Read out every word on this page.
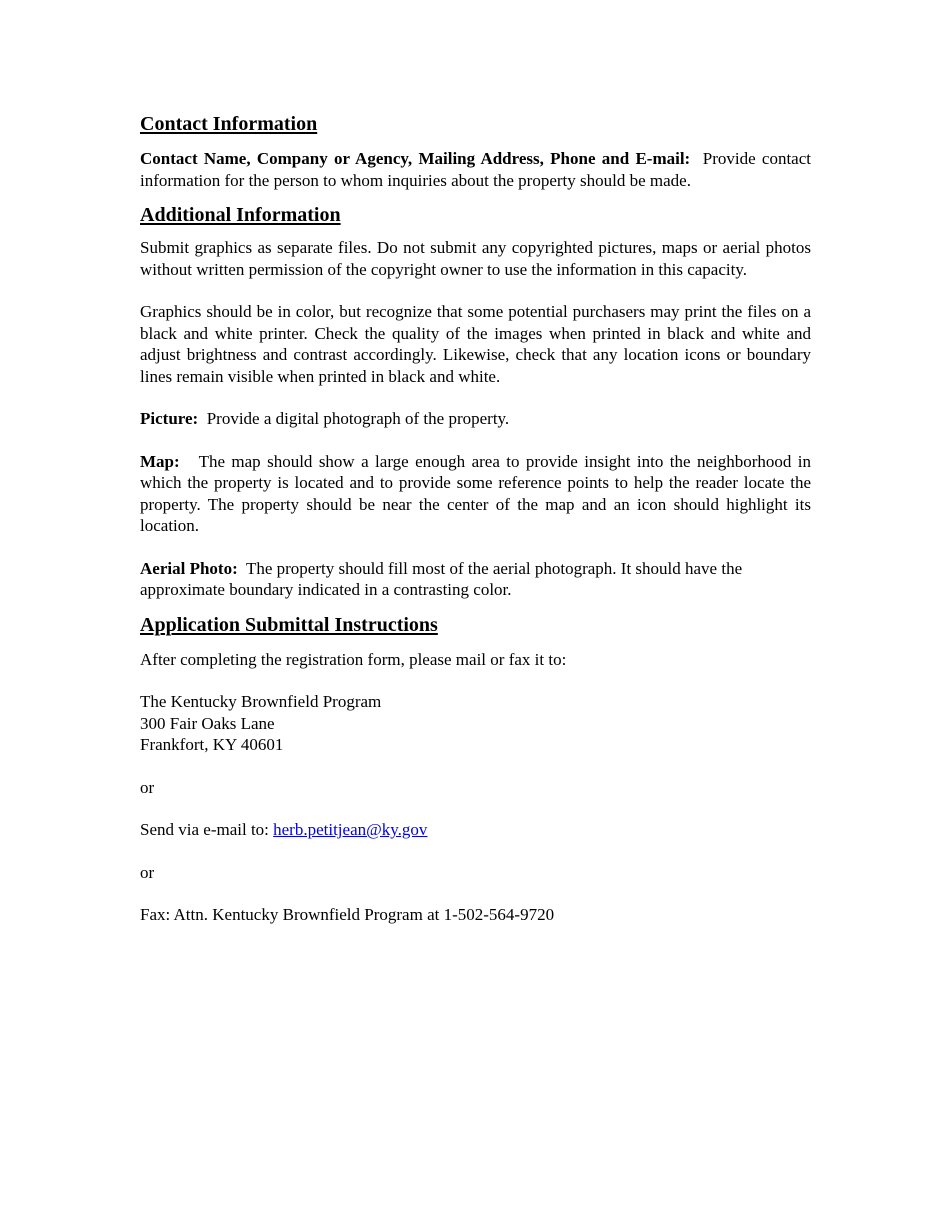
Contact Information

Contact Name, Company or Agency, Mailing Address, Phone and E-mail: Provide contact information for the person to whom inquiries about the property should be made.

Additional Information

Submit graphics as separate files. Do not submit any copyrighted pictures, maps or aerial photos without written permission of the copyright owner to use the information in this capacity.

Graphics should be in color, but recognize that some potential purchasers may print the files on a black and white printer. Check the quality of the images when printed in black and white and adjust brightness and contrast accordingly. Likewise, check that any location icons or boundary lines remain visible when printed in black and white.

Picture: Provide a digital photograph of the property.

Map: The map should show a large enough area to provide insight into the neighborhood in which the property is located and to provide some reference points to help the reader locate the property. The property should be near the center of the map and an icon should highlight its location.

Aerial Photo: The property should fill most of the aerial photograph. It should have the approximate boundary indicated in a contrasting color.

Application Submittal Instructions

After completing the registration form, please mail or fax it to:

The Kentucky Brownfield Program
300 Fair Oaks Lane
Frankfort, KY 40601

or

Send via e-mail to: herb.petitjean@ky.gov

or

Fax: Attn. Kentucky Brownfield Program at 1-502-564-9720
